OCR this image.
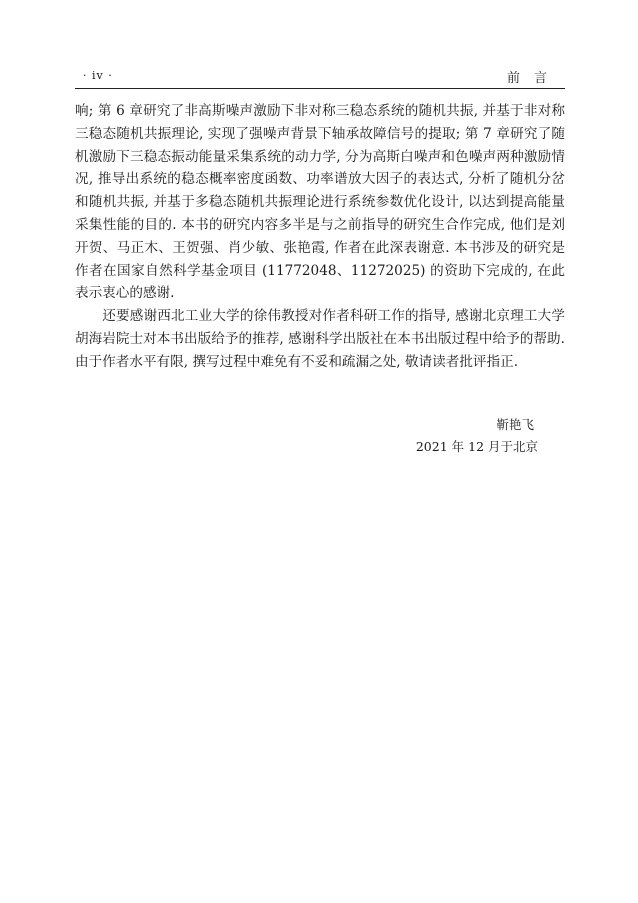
· iv ·	前言

响; 第 6 章研究了非高斯噪声激励下非对称三稳态系统的随机共振, 并基于非对称三稳态随机共振理论, 实现了强噪声背景下轴承故障信号的提取; 第 7 章研究了随机激励下三稳态振动能量采集系统的动力学, 分为高斯白噪声和色噪声两种激励情况, 推导出系统的稳态概率密度函数、功率谱放大因子的表达式, 分析了随机分岔和随机共振, 并基于多稳态随机共振理论进行系统参数优化设计, 以达到提高能量采集性能的目的. 本书的研究内容多半是与之前指导的研究生合作完成, 他们是刘开贺、马正木、王贺强、肖少敏、张艳霞, 作者在此深表谢意. 本书涉及的研究是作者在国家自然科学基金项目 (11772048、11272025) 的资助下完成的, 在此表示衷心的感谢.

还要感谢西北工业大学的徐伟教授对作者科研工作的指导, 感谢北京理工大学胡海岩院士对本书出版给予的推荐, 感谢科学出版社在本书出版过程中给予的帮助. 由于作者水平有限, 撰写过程中难免有不妥和疏漏之处, 敬请读者批评指正.

靳艳飞
2021 年 12 月于北京
